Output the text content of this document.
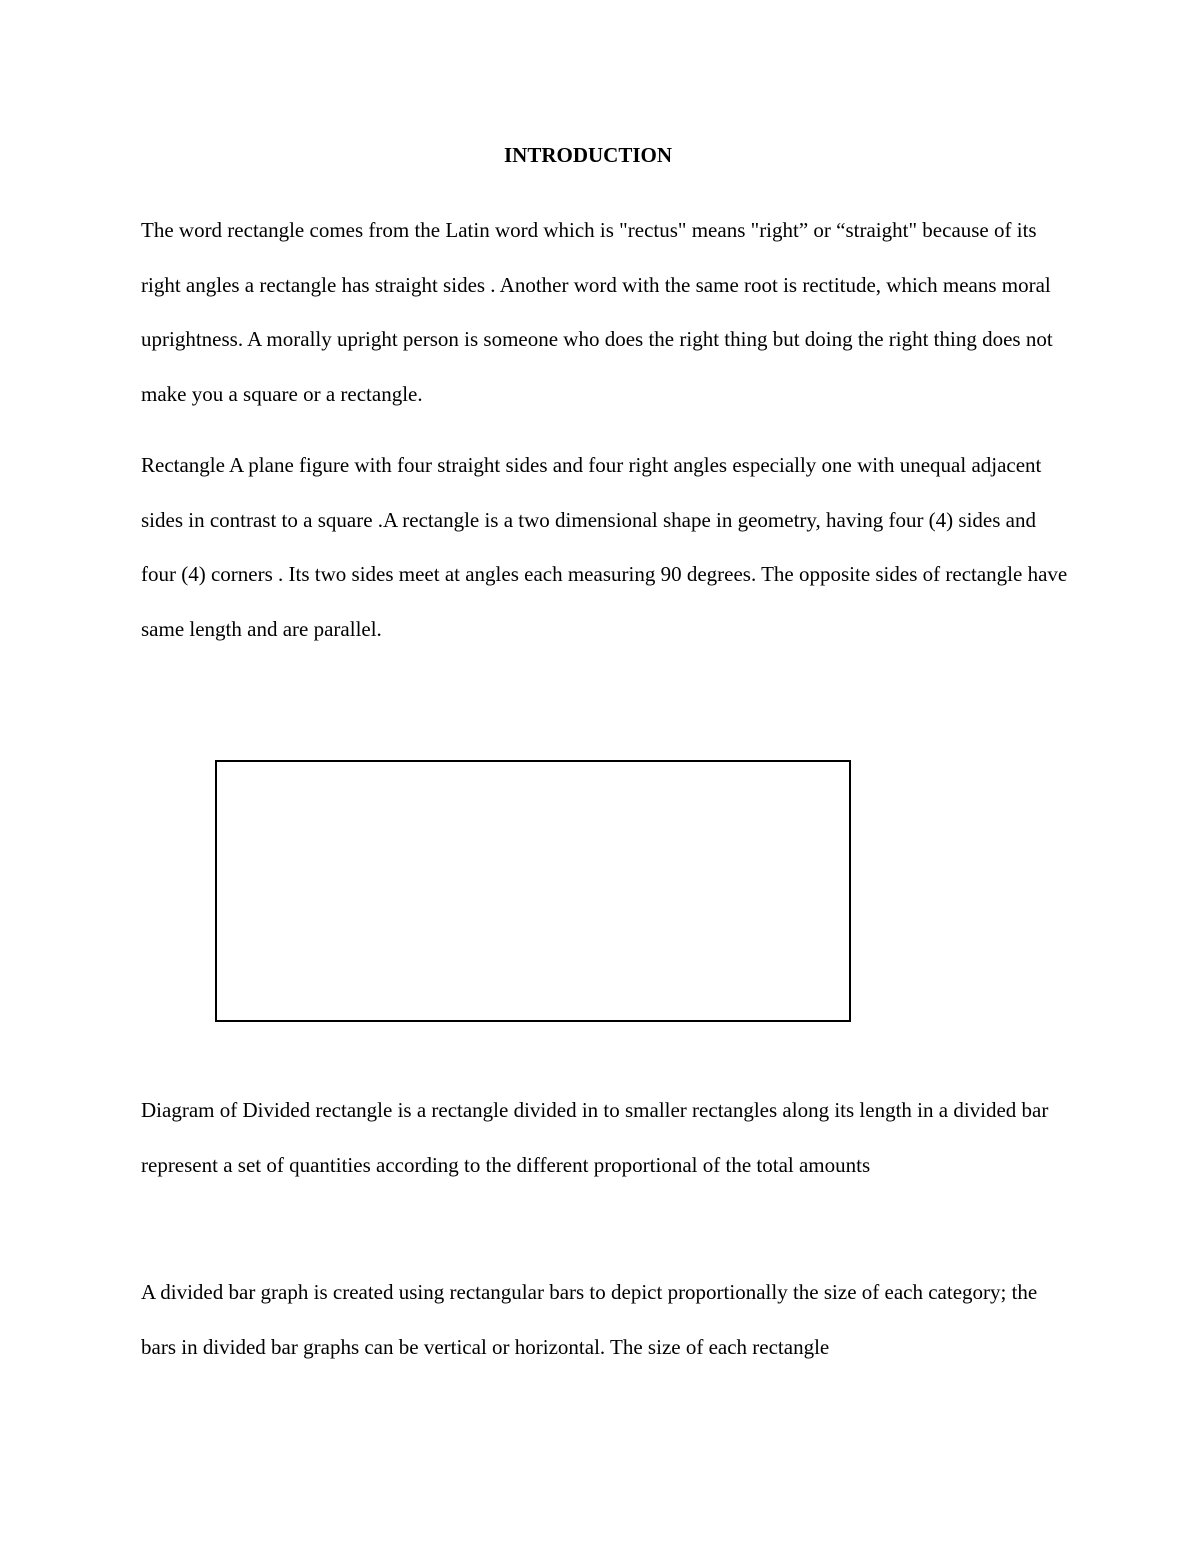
INTRODUCTION

The word rectangle comes from the Latin word which is "rectus" means "right” or “straight" because of its right angles a rectangle has straight sides . Another word with the same root is rectitude, which means moral uprightness. A morally upright person is someone who does the right thing but doing the right thing does not make you a square or a rectangle.

Rectangle A plane figure with four straight sides and four right angles especially one with unequal adjacent sides in contrast to a square .A rectangle is a two dimensional shape in geometry, having four (4) sides and four (4) corners . Its two sides meet at angles each measuring 90 degrees. The opposite sides of rectangle have same length and are parallel.

Diagram of Divided rectangle is a rectangle divided in to smaller rectangles along its length in a divided bar represent a set of quantities according to the different proportional of the total amounts

A divided bar graph is created using rectangular bars to depict proportionally the size of each category; the bars in divided bar graphs can be vertical or horizontal. The size of each rectangle
